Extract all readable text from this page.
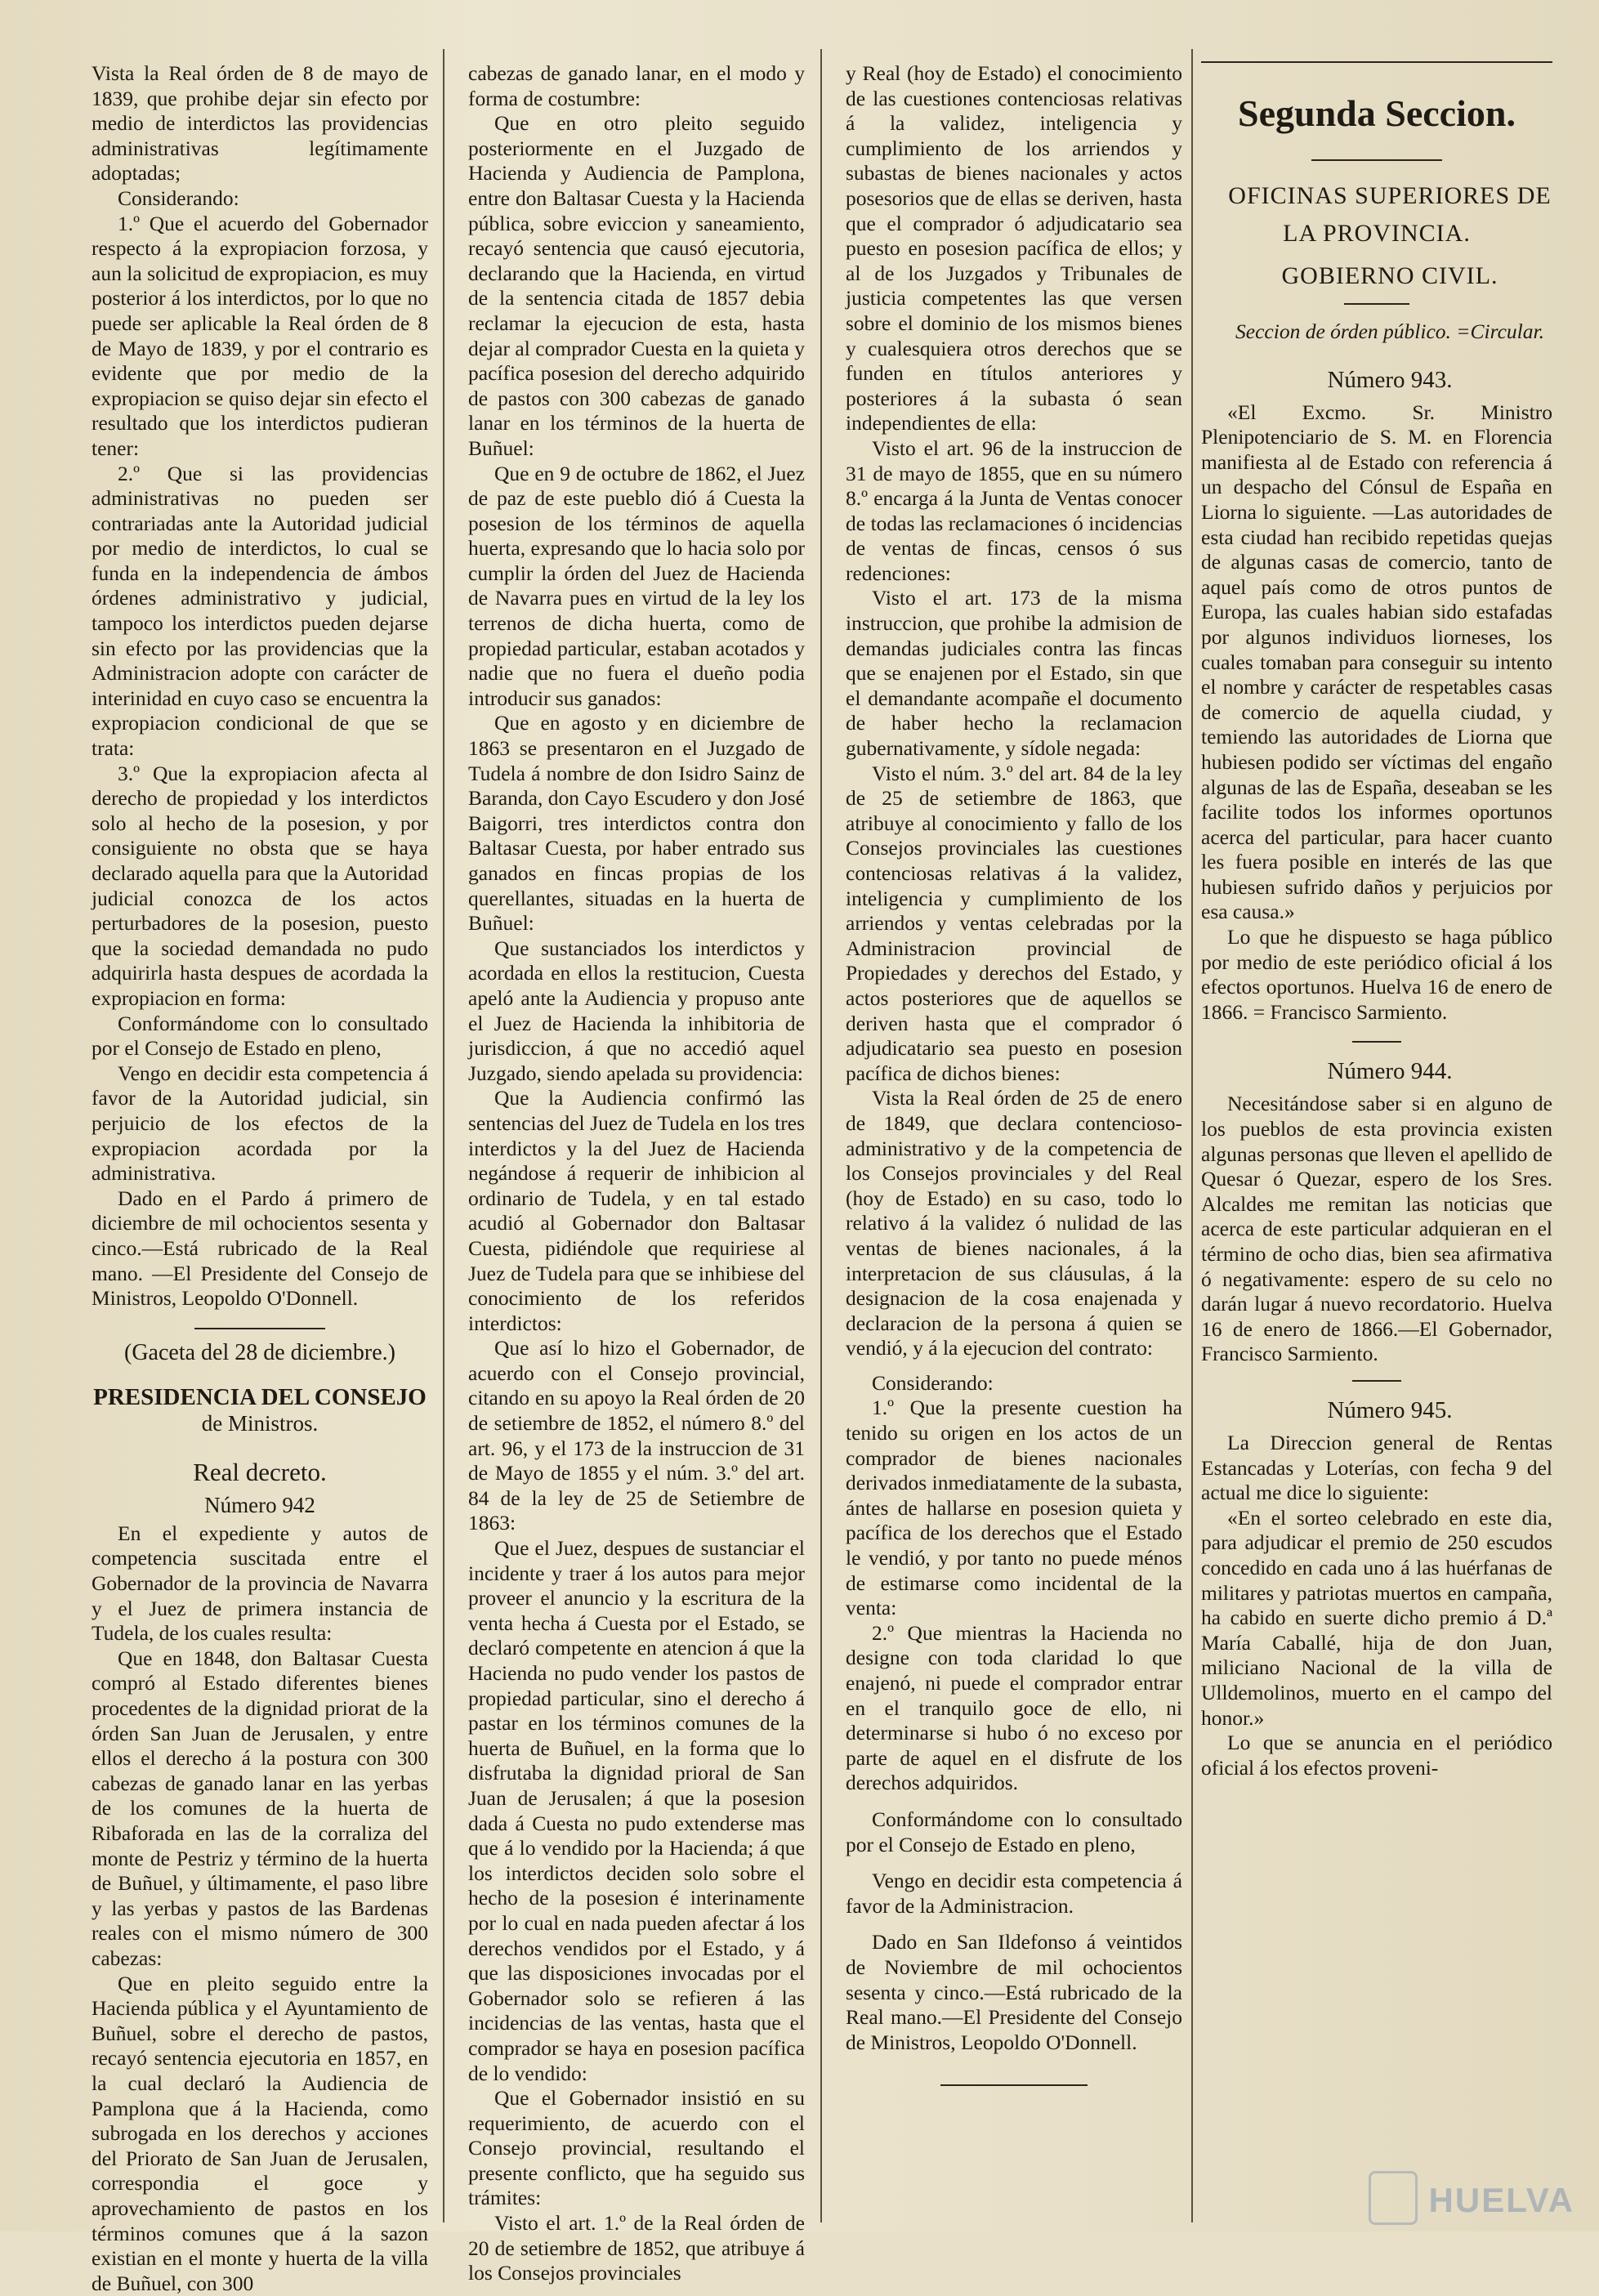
Vista la Real órden de 8 de mayo de 1839, que prohibe dejar sin efecto por medio de interdictos las providencias administrativas legítimamente adoptadas;

Considerando:

1.º Que el acuerdo del Gobernador respecto á la expropiacion forzosa, y aun la solicitud de expropiacion, es muy posterior á los interdictos, por lo que no puede ser aplicable la Real órden de 8 de Mayo de 1839, y por el contrario es evidente que por medio de la expropiacion se quiso dejar sin efecto el resultado que los interdictos pudieran tener:

2.º Que si las providencias administrativas no pueden ser contrariadas ante la Autoridad judicial por medio de interdictos, lo cual se funda en la independencia de ámbos órdenes administrativo y judicial, tampoco los interdictos pueden dejarse sin efecto por las providencias que la Administracion adopte con carácter de interinidad en cuyo caso se encuentra la expropiacion condicional de que se trata:

3.º Que la expropiacion afecta al derecho de propiedad y los interdictos solo al hecho de la posesion, y por consiguiente no obsta que se haya declarado aquella para que la Autoridad judicial conozca de los actos perturbadores de la posesion, puesto que la sociedad demandada no pudo adquirirla hasta despues de acordada la expropiacion en forma:

Conformándome con lo consultado por el Consejo de Estado en pleno,

Vengo en decidir esta competencia á favor de la Autoridad judicial, sin perjuicio de los efectos de la expropiacion acordada por la administrativa.

Dado en el Pardo á primero de diciembre de mil ochocientos sesenta y cinco.—Está rubricado de la Real mano. —El Presidente del Consejo de Ministros, Leopoldo O'Donnell.

(Gaceta del 28 de diciembre.)

PRESIDENCIA DEL CONSEJO

de Ministros.

Real decreto.

Número 942

En el expediente y autos de competencia suscitada entre el Gobernador de la provincia de Navarra y el Juez de primera instancia de Tudela, de los cuales resulta:

Que en 1848, don Baltasar Cuesta compró al Estado diferentes bienes procedentes de la dignidad priorat de la órden San Juan de Jerusalen, y entre ellos el derecho á la postura con 300 cabezas de ganado lanar en las yerbas de los comunes de la huerta de Ribaforada en las de la corraliza del monte de Pestriz y término de la huerta de Buñuel, y últimamente, el paso libre y las yerbas y pastos de las Bardenas reales con el mismo número de 300 cabezas:

Que en pleito seguido entre la Hacienda pública y el Ayuntamiento de Buñuel, sobre el derecho de pastos, recayó sentencia ejecutoria en 1857, en la cual declaró la Audiencia de Pamplona que á la Hacienda, como subrogada en los derechos y acciones del Priorato de San Juan de Jerusalen, correspondia el goce y aprovechamiento de pastos en los términos comunes que á la sazon existian en el monte y huerta de la villa de Buñuel, con 300

cabezas de ganado lanar, en el modo y forma de costumbre:

Que en otro pleito seguido posteriormente en el Juzgado de Hacienda y Audiencia de Pamplona, entre don Baltasar Cuesta y la Hacienda pública, sobre eviccion y saneamiento, recayó sentencia que causó ejecutoria, declarando que la Hacienda, en virtud de la sentencia citada de 1857 debia reclamar la ejecucion de esta, hasta dejar al comprador Cuesta en la quieta y pacífica posesion del derecho adquirido de pastos con 300 cabezas de ganado lanar en los términos de la huerta de Buñuel:

Que en 9 de octubre de 1862, el Juez de paz de este pueblo dió á Cuesta la posesion de los términos de aquella huerta, expresando que lo hacia solo por cumplir la órden del Juez de Hacienda de Navarra pues en virtud de la ley los terrenos de dicha huerta, como de propiedad particular, estaban acotados y nadie que no fuera el dueño podia introducir sus ganados:

Que en agosto y en diciembre de 1863 se presentaron en el Juzgado de Tudela á nombre de don Isidro Sainz de Baranda, don Cayo Escudero y don José Baigorri, tres interdictos contra don Baltasar Cuesta, por haber entrado sus ganados en fincas propias de los querellantes, situadas en la huerta de Buñuel:

Que sustanciados los interdictos y acordada en ellos la restitucion, Cuesta apeló ante la Audiencia y propuso ante el Juez de Hacienda la inhibitoria de jurisdiccion, á que no accedió aquel Juzgado, siendo apelada su providencia:

Que la Audiencia confirmó las sentencias del Juez de Tudela en los tres interdictos y la del Juez de Hacienda negándose á requerir de inhibicion al ordinario de Tudela, y en tal estado acudió al Gobernador don Baltasar Cuesta, pidiéndole que requiriese al Juez de Tudela para que se inhibiese del conocimiento de los referidos interdictos:

Que así lo hizo el Gobernador, de acuerdo con el Consejo provincial, citando en su apoyo la Real órden de 20 de setiembre de 1852, el número 8.º del art. 96, y el 173 de la instruccion de 31 de Mayo de 1855 y el núm. 3.º del art. 84 de la ley de 25 de Setiembre de 1863:

Que el Juez, despues de sustanciar el incidente y traer á los autos para mejor proveer el anuncio y la escritura de la venta hecha á Cuesta por el Estado, se declaró competente en atencion á que la Hacienda no pudo vender los pastos de propiedad particular, sino el derecho á pastar en los términos comunes de la huerta de Buñuel, en la forma que lo disfrutaba la dignidad prioral de San Juan de Jerusalen; á que la posesion dada á Cuesta no pudo extenderse mas que á lo vendido por la Hacienda; á que los interdictos deciden solo sobre el hecho de la posesion é interinamente por lo cual en nada pueden afectar á los derechos vendidos por el Estado, y á que las disposiciones invocadas por el Gobernador solo se refieren á las incidencias de las ventas, hasta que el comprador se haya en posesion pacífica de lo vendido:

Que el Gobernador insistió en su requerimiento, de acuerdo con el Consejo provincial, resultando el presente conflicto, que ha seguido sus trámites:

Visto el art. 1.º de la Real órden de 20 de setiembre de 1852, que atribuye á los Consejos provinciales

y Real (hoy de Estado) el conocimiento de las cuestiones contenciosas relativas á la validez, inteligencia y cumplimiento de los arriendos y subastas de bienes nacionales y actos posesorios que de ellas se deriven, hasta que el comprador ó adjudicatario sea puesto en posesion pacífica de ellos; y al de los Juzgados y Tribunales de justicia competentes las que versen sobre el dominio de los mismos bienes y cualesquiera otros derechos que se funden en títulos anteriores y posteriores á la subasta ó sean independientes de ella:

Visto el art. 96 de la instruccion de 31 de mayo de 1855, que en su número 8.º encarga á la Junta de Ventas conocer de todas las reclamaciones ó incidencias de ventas de fincas, censos ó sus redenciones:

Visto el art. 173 de la misma instruccion, que prohibe la admision de demandas judiciales contra las fincas que se enajenen por el Estado, sin que el demandante acompañe el documento de haber hecho la reclamacion gubernativamente, y sídole negada:

Visto el núm. 3.º del art. 84 de la ley de 25 de setiembre de 1863, que atribuye al conocimiento y fallo de los Consejos provinciales las cuestiones contenciosas relativas á la validez, inteligencia y cumplimiento de los arriendos y ventas celebradas por la Administracion provincial de Propiedades y derechos del Estado, y actos posteriores que de aquellos se deriven hasta que el comprador ó adjudicatario sea puesto en posesion pacífica de dichos bienes:

Vista la Real órden de 25 de enero de 1849, que declara contencioso-administrativo y de la competencia de los Consejos provinciales y del Real (hoy de Estado) en su caso, todo lo relativo á la validez ó nulidad de las ventas de bienes nacionales, á la interpretacion de sus cláusulas, á la designacion de la cosa enajenada y declaracion de la persona á quien se vendió, y á la ejecucion del contrato:

Considerando:

1.º Que la presente cuestion ha tenido su origen en los actos de un comprador de bienes nacionales derivados inmediatamente de la subasta, ántes de hallarse en posesion quieta y pacífica de los derechos que el Estado le vendió, y por tanto no puede ménos de estimarse como incidental de la venta:

2.º Que mientras la Hacienda no designe con toda claridad lo que enajenó, ni puede el comprador entrar en el tranquilo goce de ello, ni determinarse si hubo ó no exceso por parte de aquel en el disfrute de los derechos adquiridos.

Conformándome con lo consultado por el Consejo de Estado en pleno,

Vengo en decidir esta competencia á favor de la Administracion.

Dado en San Ildefonso á veintidos de Noviembre de mil ochocientos sesenta y cinco.—Está rubricado de la Real mano.—El Presidente del Consejo de Ministros, Leopoldo O'Donnell.

Segunda Seccion.

OFICINAS SUPERIORES DE LA PROVINCIA.

GOBIERNO CIVIL.

Seccion de órden público. =Circular.

Número 943.

«El Excmo. Sr. Ministro Plenipotenciario de S. M. en Florencia manifiesta al de Estado con referencia á un despacho del Cónsul de España en Liorna lo siguiente. —Las autoridades de esta ciudad han recibido repetidas quejas de algunas casas de comercio, tanto de aquel país como de otros puntos de Europa, las cuales habian sido estafadas por algunos individuos liorneses, los cuales tomaban para conseguir su intento el nombre y carácter de respetables casas de comercio de aquella ciudad, y temiendo las autoridades de Liorna que hubiesen podido ser víctimas del engaño algunas de las de España, deseaban se les facilite todos los informes oportunos acerca del particular, para hacer cuanto les fuera posible en interés de las que hubiesen sufrido daños y perjuicios por esa causa.»

Lo que he dispuesto se haga público por medio de este periódico oficial á los efectos oportunos. Huelva 16 de enero de 1866. = Francisco Sarmiento.

Número 944.

Necesitándose saber si en alguno de los pueblos de esta provincia existen algunas personas que lleven el apellido de Quesar ó Quezar, espero de los Sres. Alcaldes me remitan las noticias que acerca de este particular adquieran en el término de ocho dias, bien sea afirmativa ó negativamente: espero de su celo no darán lugar á nuevo recordatorio. Huelva 16 de enero de 1866.—El Gobernador, Francisco Sarmiento.

Número 945.

La Direccion general de Rentas Estancadas y Loterías, con fecha 9 del actual me dice lo siguiente:

«En el sorteo celebrado en este dia, para adjudicar el premio de 250 escudos concedido en cada uno á las huérfanas de militares y patriotas muertos en campaña, ha cabido en suerte dicho premio á D.ª María Caballé, hija de don Juan, miliciano Nacional de la villa de Ulldemolinos, muerto en el campo del honor.»

Lo que se anuncia en el periódico oficial á los efectos proveni-

HUELVA
